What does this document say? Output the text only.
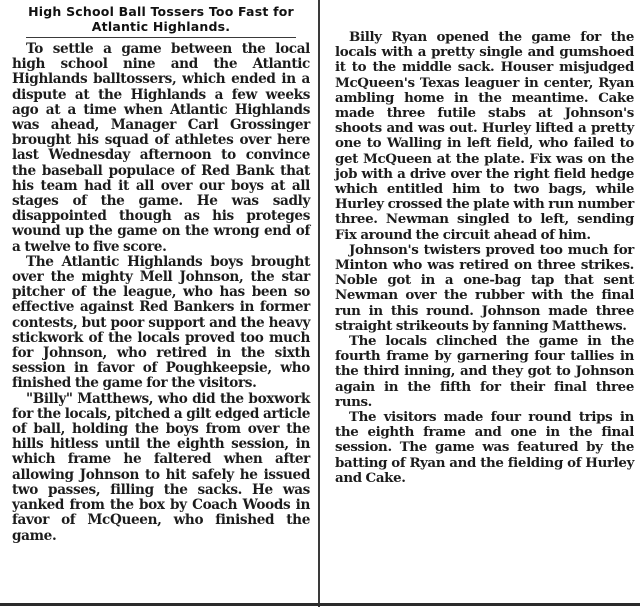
High School Ball Tossers Too Fast for

Atlantic Highlands.

To settle a game between the local high school nine and the Atlantic Highlands balltossers, which ended in a dispute at the Highlands a few weeks ago at a time when Atlantic Highlands was ahead, Manager Carl Grossinger brought his squad of athletes over here last Wednesday afternoon to convince the baseball populace of Red Bank that his team had it all over our boys at all stages of the game. He was sadly disappointed though as his proteges wound up the game on the wrong end of a twelve to five score.

The Atlantic Highlands boys brought over the mighty Mell Johnson, the star pitcher of the league, who has been so effective against Red Bankers in former contests, but poor support and the heavy stickwork of the locals proved too much for Johnson, who retired in the sixth session in favor of Poughkeepsie, who finished the game for the visitors.

"Billy" Matthews, who did the boxwork for the locals, pitched a gilt edged article of ball, holding the boys from over the hills hitless until the eighth session, in which frame he faltered when after allowing Johnson to hit safely he issued two passes, filling the sacks. He was yanked from the box by Coach Woods in favor of McQueen, who finished the game.

Billy Ryan opened the game for the locals with a pretty single and gumshoed it to the middle sack. Houser misjudged McQueen's Texas leaguer in center, Ryan ambling home in the meantime. Cake made three futile stabs at Johnson's shoots and was out. Hurley lifted a pretty one to Walling in left field, who failed to get McQueen at the plate. Fix was on the job with a drive over the right field hedge which entitled him to two bags, while Hurley crossed the plate with run number three. Newman singled to left, sending Fix around the circuit ahead of him.

Johnson's twisters proved too much for Minton who was retired on three strikes. Noble got in a one-bag tap that sent Newman over the rubber with the final run in this round. Johnson made three straight strikeouts by fanning Matthews.

The locals clinched the game in the fourth frame by garnering four tallies in the third inning, and they got to Johnson again in the fifth for their final three runs.

The visitors made four round trips in the eighth frame and one in the final session. The game was featured by the batting of Ryan and the fielding of Hurley and Cake.
